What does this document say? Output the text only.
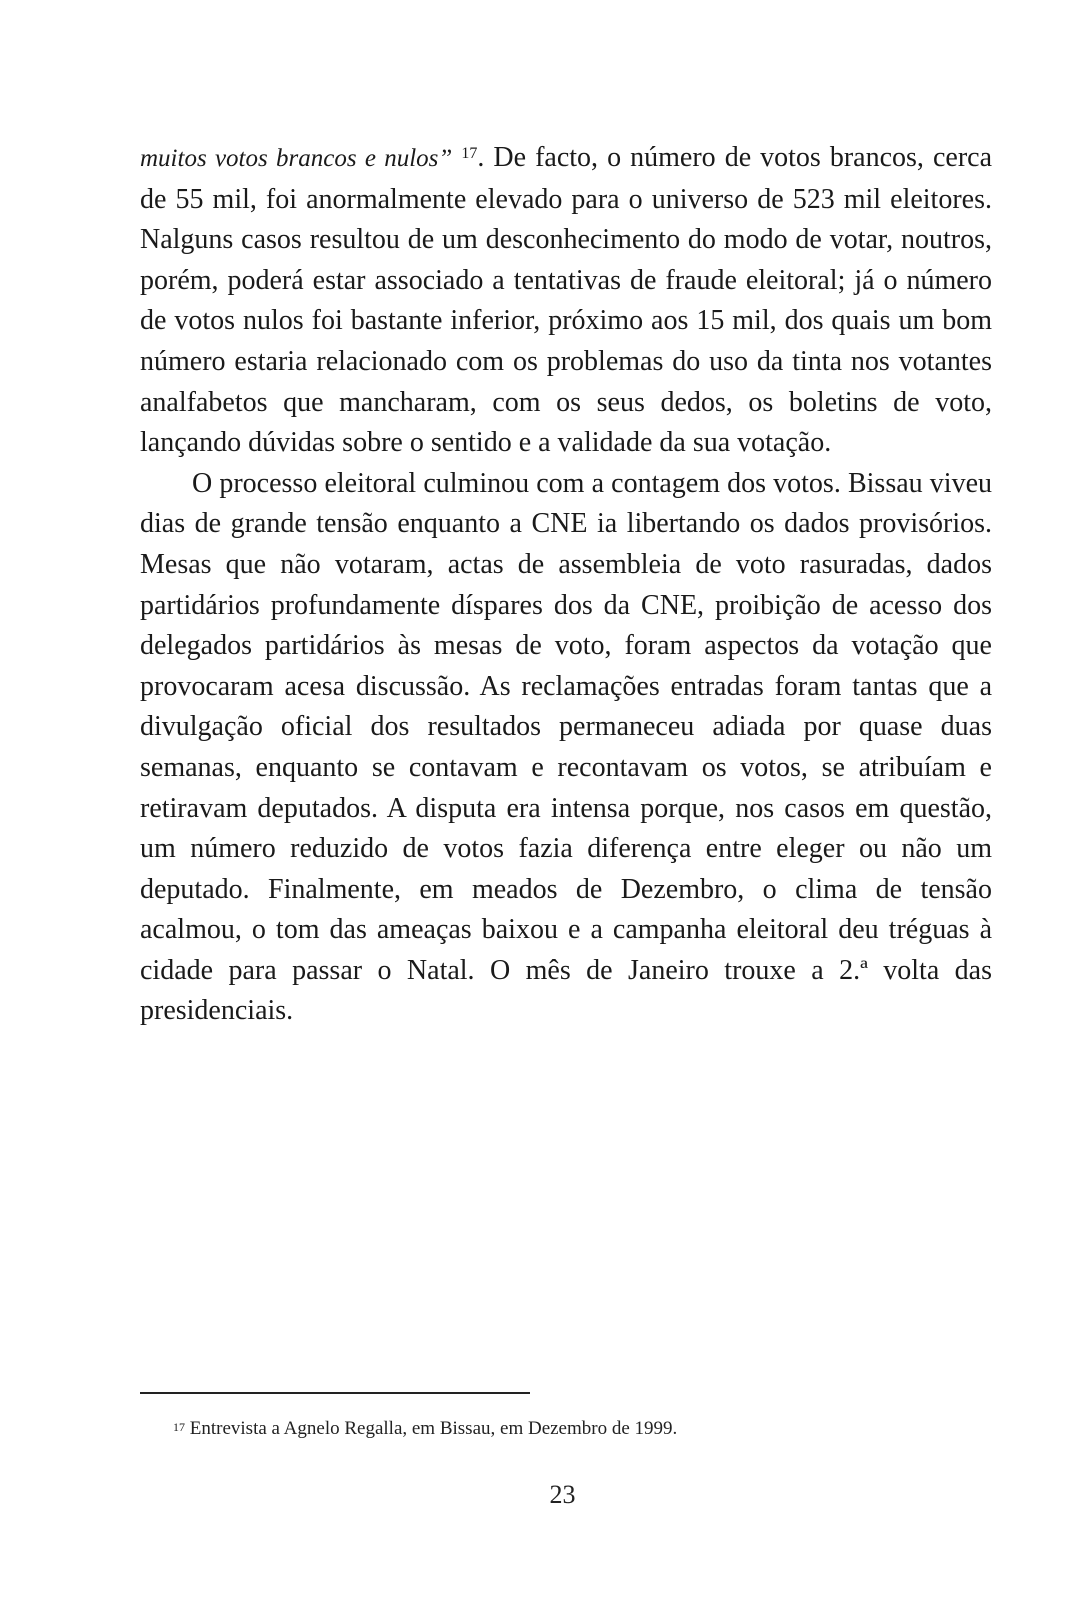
muitos votos brancos e nulos” $^{17}$. De facto, o número de votos brancos, cerca de 55 mil, foi anormalmente elevado para o universo de 523 mil eleitores. Nalguns casos resultou de um desconhecimento do modo de votar, noutros, porém, poderá estar associado a tentativas de fraude eleitoral; já o número de votos nulos foi bastante inferior, próximo aos 15 mil, dos quais um bom número estaria relacionado com os problemas do uso da tinta nos votantes analfabetos que mancharam, com os seus dedos, os boletins de voto, lançando dúvidas sobre o sentido e a validade da sua votação.

O processo eleitoral culminou com a contagem dos votos. Bissau viveu dias de grande tensão enquanto a CNE ia libertando os dados provisórios. Mesas que não votaram, actas de assembleia de voto rasuradas, dados partidários profundamente díspares dos da CNE, proibição de acesso dos delegados partidários às mesas de voto, foram aspectos da votação que provocaram acesa discussão. As reclamações entradas foram tantas que a divulgação oficial dos resultados permaneceu adiada por quase duas semanas, enquanto se contavam e recontavam os votos, se atribuíam e retiravam deputados. A disputa era intensa porque, nos casos em questão, um número reduzido de votos fazia diferença entre eleger ou não um deputado. Finalmente, em meados de Dezembro, o clima de tensão acalmou, o tom das ameaças baixou e a campanha eleitoral deu tréguas à cidade para passar o Natal. O mês de Janeiro trouxe a 2.ª volta das presidenciais.

$^{17}$ Entrevista a Agnelo Regalla, em Bissau, em Dezembro de 1999.
23
